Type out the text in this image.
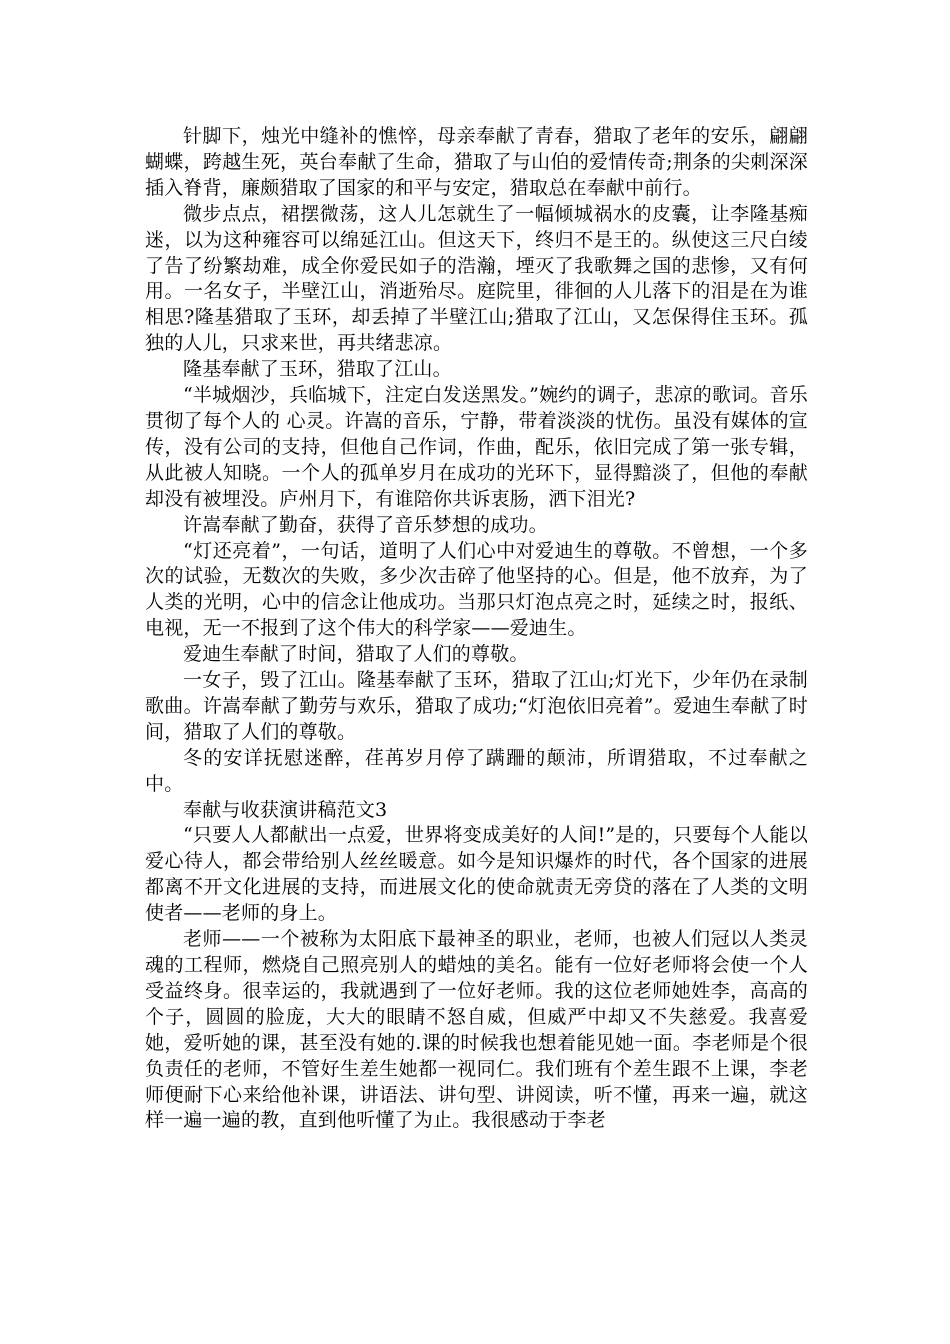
针脚下，烛光中缝补的憔悴，母亲奉献了青春，猎取了老年的安乐，翩翩蝴蝶，跨越生死，英台奉献了生命，猎取了与山伯的爱情传奇;荆条的尖刺深深插入脊背，廉颇猎取了国家的和平与安定，猎取总在奉献中前行。

微步点点，裙摆微荡，这人儿怎就生了一幅倾城祸水的皮囊，让李隆基痴迷，以为这种雍容可以绵延江山。但这天下，终归不是王的。纵使这三尺白绫了告了纷繁劫难，成全你爱民如子的浩瀚，堙灭了我歌舞之国的悲惨，又有何用。一名女子，半壁江山，消逝殆尽。庭院里，徘徊的人儿落下的泪是在为谁相思?隆基猎取了玉环，却丢掉了半壁江山;猎取了江山，又怎保得住玉环。孤独的人儿，只求来世，再共绪悲凉。

隆基奉献了玉环，猎取了江山。

“半城烟沙，兵临城下，注定白发送黑发。”婉约的调子，悲凉的歌词。音乐贯彻了每个人的 心灵。许嵩的音乐，宁静，带着淡淡的忧伤。虽没有媒体的宣传，没有公司的支持，但他自己作词，作曲，配乐，依旧完成了第一张专辑，从此被人知晓。一个人的孤单岁月在成功的光环下，显得黯淡了，但他的奉献却没有被埋没。庐州月下，有谁陪你共诉衷肠，洒下泪光?

许嵩奉献了勤奋，获得了音乐梦想的成功。

“灯还亮着”，一句话，道明了人们心中对爱迪生的尊敬。不曾想，一个多次的试验，无数次的失败，多少次击碎了他坚持的心。但是，他不放弃，为了人类的光明，心中的信念让他成功。当那只灯泡点亮之时，延续之时，报纸、电视，无一不报到了这个伟大的科学家——爱迪生。

爱迪生奉献了时间，猎取了人们的尊敬。

一女子，毁了江山。隆基奉献了玉环，猎取了江山;灯光下，少年仍在录制歌曲。许嵩奉献了勤劳与欢乐，猎取了成功;“灯泡依旧亮着”。爱迪生奉献了时间，猎取了人们的尊敬。

冬的安详抚慰迷醉，荏苒岁月停了蹒跚的颠沛，所谓猎取，不过奉献之中。

奉献与收获演讲稿范文3

“只要人人都献出一点爱，世界将变成美好的人间!”是的，只要每个人能以爱心待人，都会带给别人丝丝暖意。如今是知识爆炸的时代，各个国家的进展都离不开文化进展的支持，而进展文化的使命就责无旁贷的落在了人类的文明使者——老师的身上。

老师——一个被称为太阳底下最神圣的职业，老师，也被人们冠以人类灵魂的工程师，燃烧自己照亮别人的蜡烛的美名。能有一位好老师将会使一个人受益终身。很幸运的，我就遇到了一位好老师。我的这位老师她姓李，高高的个子，圆圆的脸庞，大大的眼睛不怒自威，但威严中却又不失慈爱。我喜爱她，爱听她的课，甚至没有她的.课的时候我也想着能见她一面。李老师是个很负责任的老师，不管好生差生她都一视同仁。我们班有个差生跟不上课，李老师便耐下心来给他补课，讲语法、讲句型、讲阅读，听不懂，再来一遍，就这样一遍一遍的教，直到他听懂了为止。我很感动于李老
